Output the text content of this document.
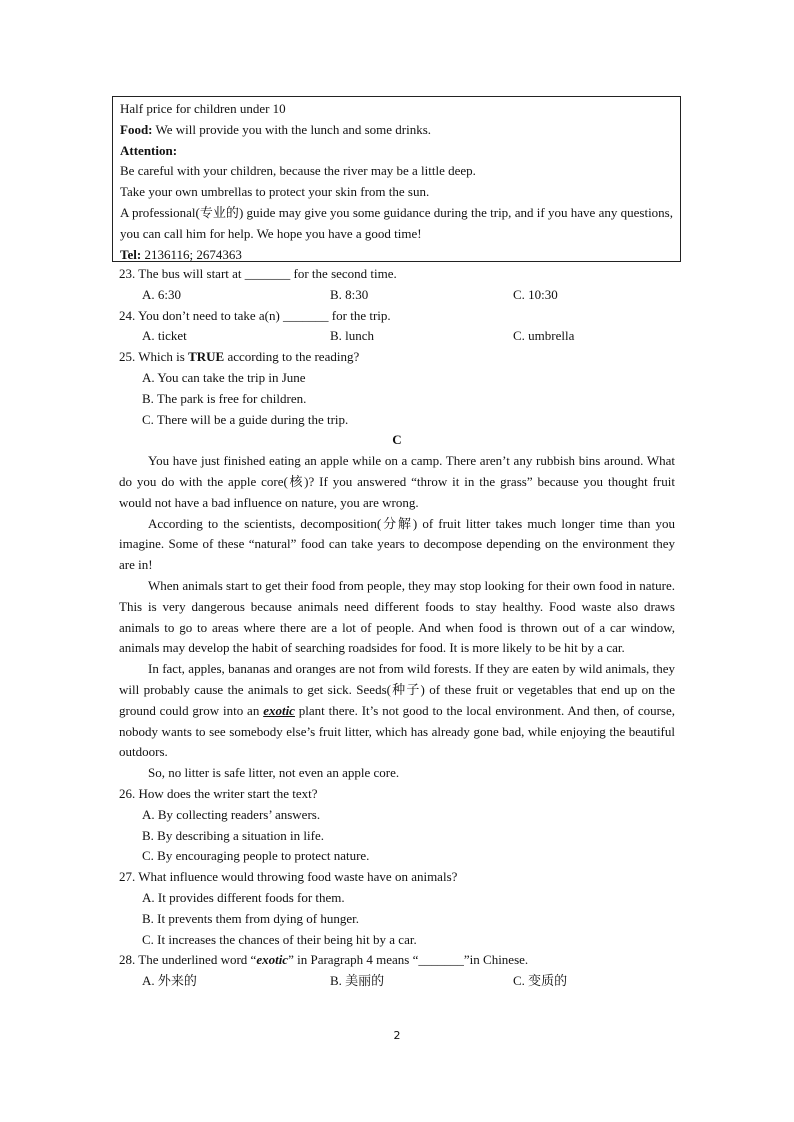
Half price for children under 10
Food: We will provide you with the lunch and some drinks.
Attention:
Be careful with your children, because the river may be a little deep.
Take your own umbrellas to protect your skin from the sun.
A professional(专业的) guide may give you some guidance during the trip, and if you have any questions, you can call him for help. We hope you have a good time!
Tel: 2136116; 2674363
23. The bus will start at _______ for the second time.
A. 6:30	B. 8:30	C. 10:30
24. You don’t need to take a(n) _______ for the trip.
A. ticket	B. lunch	C. umbrella
25. Which is TRUE according to the reading?
A. You can take the trip in June
B. The park is free for children.
C. There will be a guide during the trip.
C

You have just finished eating an apple while on a camp. There aren’t any rubbish bins around. What do you do with the apple core(核)? If you answered “throw it in the grass” because you thought fruit would not have a bad influence on nature, you are wrong.

According to the scientists, decomposition(分解) of fruit litter takes much longer time than you imagine. Some of these “natural” food can take years to decompose depending on the environment they are in!

When animals start to get their food from people, they may stop looking for their own food in nature. This is very dangerous because animals need different foods to stay healthy. Food waste also draws animals to go to areas where there are a lot of people. And when food is thrown out of a car window, animals may develop the habit of searching roadsides for food. It is more likely to be hit by a car.

In fact, apples, bananas and oranges are not from wild forests. If they are eaten by wild animals, they will probably cause the animals to get sick. Seeds(种子) of these fruit or vegetables that end up on the ground could grow into an exotic plant there. It’s not good to the local environment. And then, of course, nobody wants to see somebody else’s fruit litter, which has already gone bad, while enjoying the beautiful outdoors.

So, no litter is safe litter, not even an apple core.

26. How does the writer start the text?
A. By collecting readers’ answers.
B. By describing a situation in life.
C. By encouraging people to protect nature.
27. What influence would throwing food waste have on animals?
A. It provides different foods for them.
B. It prevents them from dying of hunger.
C. It increases the chances of their being hit by a car.
28. The underlined word “exotic” in Paragraph 4 means “_______”in Chinese.
A. 外来的	B. 美丽的	C. 变质的
2
